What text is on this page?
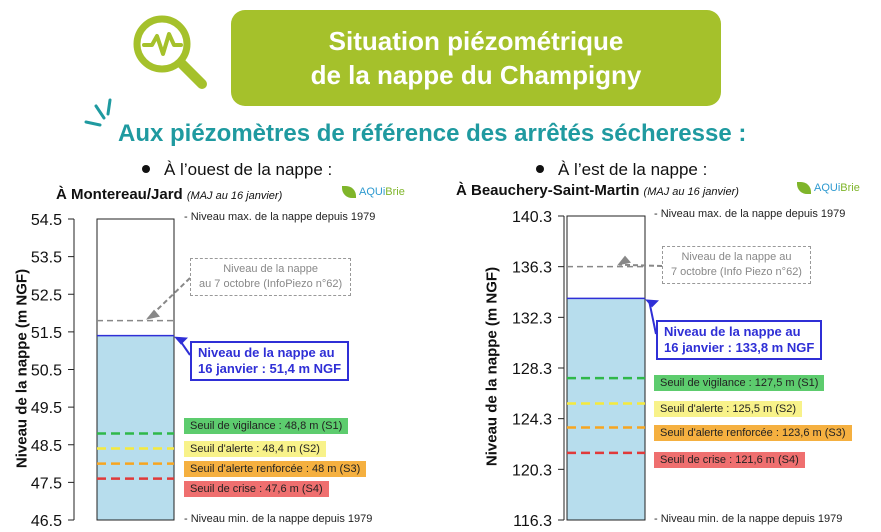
Situation piézométrique
de la nappe du Champigny
Aux piézomètres de référence des arrêtés sécheresse :
À l’ouest de la nappe :
À Montereau/Jard (MAJ au 16 janvier)	AQUiBrie
À l’est de la nappe :
À Beauchery-Saint-Martin (MAJ au 16 janvier)	AQUiBrie
54.5
53.5
52.5
51.5
50.5
49.5
48.5
47.5
46.5
Niveau de la nappe (m NGF)
- Niveau max. de la nappe depuis 1979
- Niveau min. de la nappe depuis 1979
Niveau de la nappe au
16 janvier : 51,4 m NGF
Niveau de la nappe
au 7 octobre (InfoPiezo n°62)
Seuil de vigilance : 48,8 m (S1)
Seuil d'alerte : 48,4 m (S2)
Seuil d'alerte renforcée : 48 m (S3)
Seuil de crise : 47,6 m (S4)
140.3
136.3
132.3
128.3
124.3
120.3
116.3
Niveau de la nappe (m NGF)
- Niveau max. de la nappe depuis 1979
- Niveau min. de la nappe depuis 1979
Niveau de la nappe au
16 janvier : 133,8 m NGF
Niveau de la nappe au
7 octobre (Info Piezo n°62)
Seuil de vigilance : 127,5 m (S1)
Seuil d'alerte : 125,5 m (S2)
Seuil d'alerte renforcée : 123,6 m (S3)
Seuil de crise : 121,6 m (S4)
